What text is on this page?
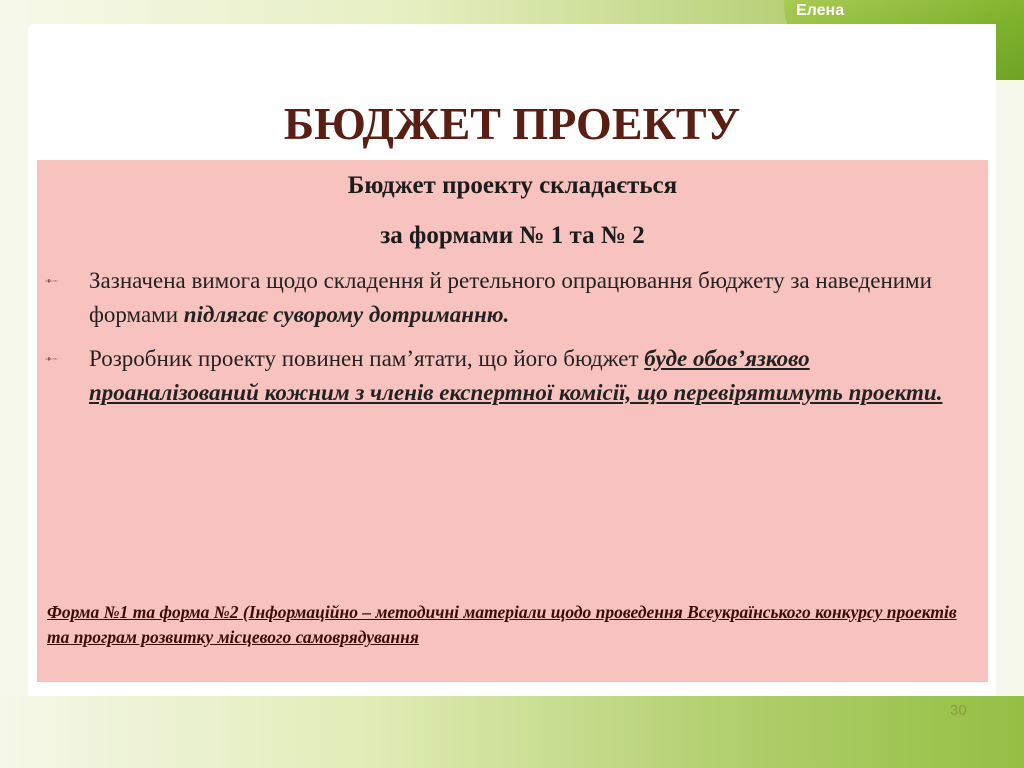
Елена
Сколова
БЮДЖЕТ ПРОЕКТУ
Бюджет проекту складається
за формами № 1 та № 2
🙮 Зазначена вимога щодо складення й ретельного опрацювання бюджету за наведеними формами підлягає суворому дотриманню.
🙮 Розробник проекту повинен пам’ятати, що його бюджет буде обов’язково проаналізований кожним з членів експертної комісії, що перевірятимуть проекти.
Форма №1 та форма №2 (Інформаційно – методичні матеріали щодо проведення Всеукраїнського конкурсу проектів та програм розвитку місцевого самоврядування
30
